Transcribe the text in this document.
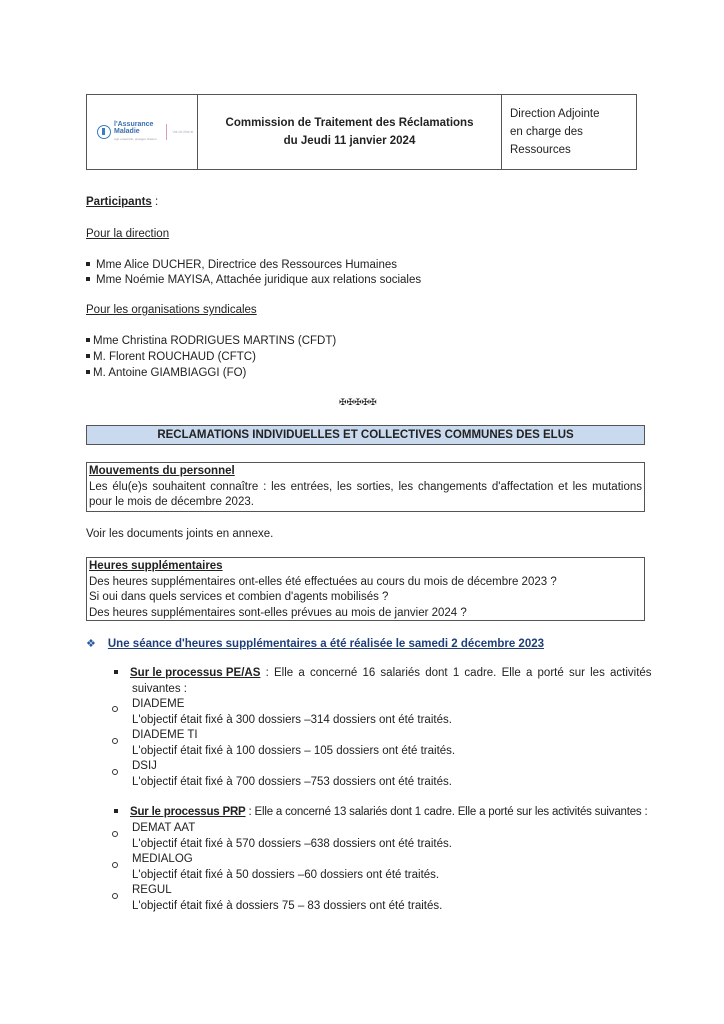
l'Assurance
Maladie
Agir ensemble, protéger chacun
Val-de-Marne
Commission de Traitement des Réclamations
du Jeudi 11 janvier 2024
Direction Adjointe
en charge des Ressources
Participants :
Pour la direction
Mme Alice DUCHER, Directrice des Ressources Humaines
Mme Noémie MAYISA, Attachée juridique aux relations sociales
Pour les organisations syndicales
Mme Christina RODRIGUES MARTINS (CFDT)
M. Florent ROUCHAUD (CFTC)
M. Antoine GIAMBIAGGI (FO)
✠✠✠✠✠
RECLAMATIONS INDIVIDUELLES ET COLLECTIVES COMMUNES DES ELUS
Mouvements du personnel
Les élu(e)s souhaitent connaître : les entrées, les sorties, les changements d'affectation et les mutations pour le mois de décembre 2023.
Voir les documents joints en annexe.
Heures supplémentaires
Des heures supplémentaires ont-elles été effectuées au cours du mois de décembre 2023 ?
Si oui dans quels services et combien d'agents mobilisés ?
Des heures supplémentaires sont-elles prévues au mois de janvier 2024 ?
❖ Une séance d'heures supplémentaires a été réalisée le samedi 2 décembre 2023
Sur le processus PE/AS : Elle a concerné 16 salariés dont 1 cadre. Elle a porté sur les activités
suivantes :
DIADEME
L'objectif était fixé à 300 dossiers –314 dossiers ont été traités.
DIADEME TI
L'objectif était fixé à 100 dossiers – 105 dossiers ont été traités.
DSIJ
L'objectif était fixé à 700 dossiers –753 dossiers ont été traités.
Sur le processus PRP : Elle a concerné 13 salariés dont 1 cadre. Elle a porté sur les activités suivantes :
DEMAT AAT
L'objectif était fixé à 570 dossiers –638 dossiers ont été traités.
MEDIALOG
L'objectif était fixé à 50 dossiers –60 dossiers ont été traités.
REGUL
L'objectif était fixé à dossiers 75 – 83 dossiers ont été traités.
